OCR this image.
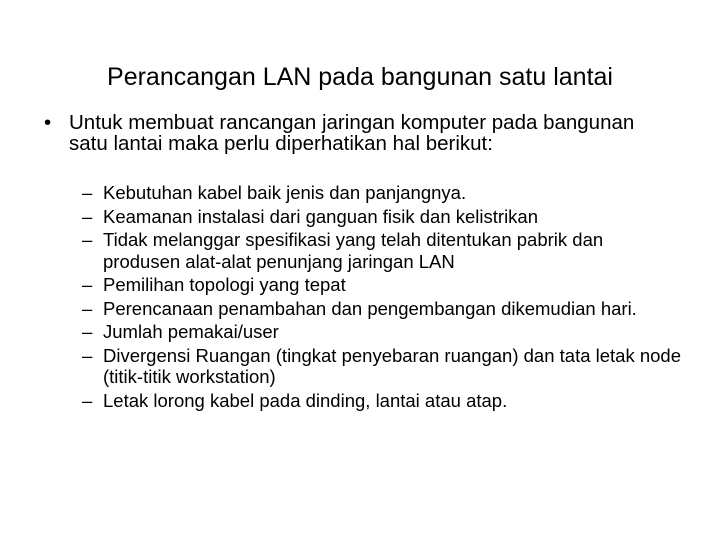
Perancangan LAN pada bangunan satu lantai
• Untuk membuat rancangan jaringan komputer pada bangunan satu lantai maka perlu diperhatikan hal berikut:
– Kebutuhan kabel baik jenis dan panjangnya.
– Keamanan instalasi dari ganguan fisik dan kelistrikan
– Tidak melanggar spesifikasi yang telah ditentukan pabrik dan produsen alat-alat penunjang jaringan LAN
– Pemilihan topologi yang tepat
– Perencanaan penambahan dan pengembangan dikemudian hari.
– Jumlah pemakai/user
– Divergensi Ruangan (tingkat penyebaran ruangan) dan tata letak node (titik-titik workstation)
– Letak lorong kabel pada dinding, lantai atau atap.
